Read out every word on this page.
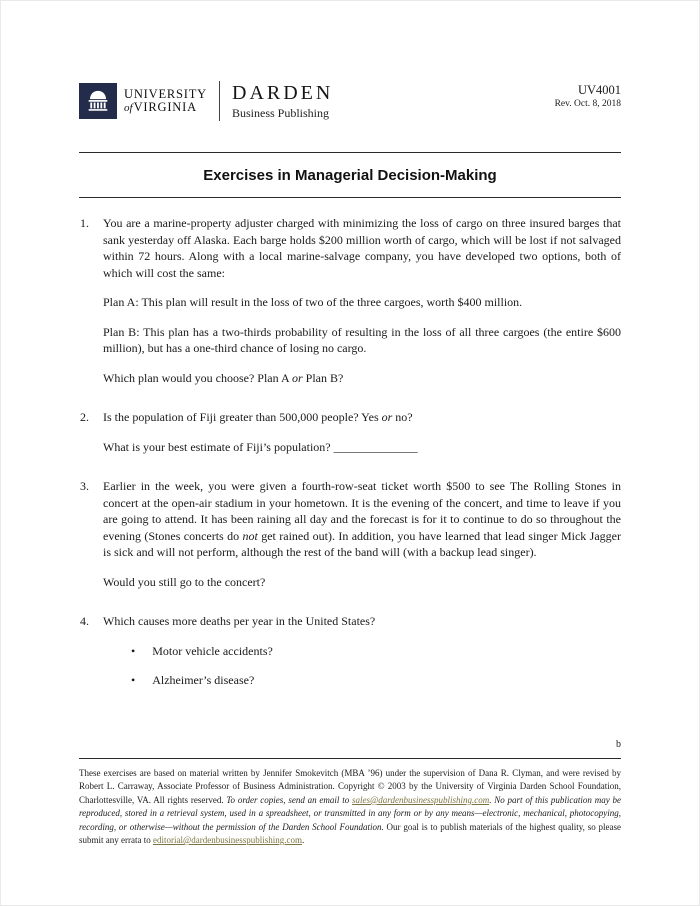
UNIVERSITY
ofVIRGINIA
DARDEN
Business Publishing
UV4001
Rev. Oct. 8, 2018
Exercises in Managerial Decision-Making
1.	You are a marine-property adjuster charged with minimizing the loss of cargo on three insured barges that sank yesterday off Alaska. Each barge holds $200 million worth of cargo, which will be lost if not salvaged within 72 hours. Along with a local marine-salvage company, you have developed two options, both of which will cost the same:

Plan A: This plan will result in the loss of two of the three cargoes, worth $400 million.

Plan B: This plan has a two-thirds probability of resulting in the loss of all three cargoes (the entire $600 million), but has a one-third chance of losing no cargo.

Which plan would you choose? Plan A or Plan B?

2.	Is the population of Fiji greater than 500,000 people? Yes or no?

What is your best estimate of Fiji’s population? ______________

3.	Earlier in the week, you were given a fourth-row-seat ticket worth $500 to see The Rolling Stones in concert at the open-air stadium in your hometown. It is the evening of the concert, and time to leave if you are going to attend. It has been raining all day and the forecast is for it to continue to do so throughout the evening (Stones concerts do not get rained out). In addition, you have learned that lead singer Mick Jagger is sick and will not perform, although the rest of the band will (with a backup lead singer).

Would you still go to the concert?

4.	Which causes more deaths per year in the United States?

• Motor vehicle accidents?
• Alzheimer’s disease?
b
These exercises are based on material written by Jennifer Smokevitch (MBA ’96) under the supervision of Dana R. Clyman, and were revised by Robert L. Carraway, Associate Professor of Business Administration. Copyright © 2003 by the University of Virginia Darden School Foundation, Charlottesville, VA. All rights reserved. To order copies, send an email to sales@dardenbusinesspublishing.com. No part of this publication may be reproduced, stored in a retrieval system, used in a spreadsheet, or transmitted in any form or by any means—electronic, mechanical, photocopying, recording, or otherwise—without the permission of the Darden School Foundation. Our goal is to publish materials of the highest quality, so please submit any errata to editorial@dardenbusinesspublishing.com.
